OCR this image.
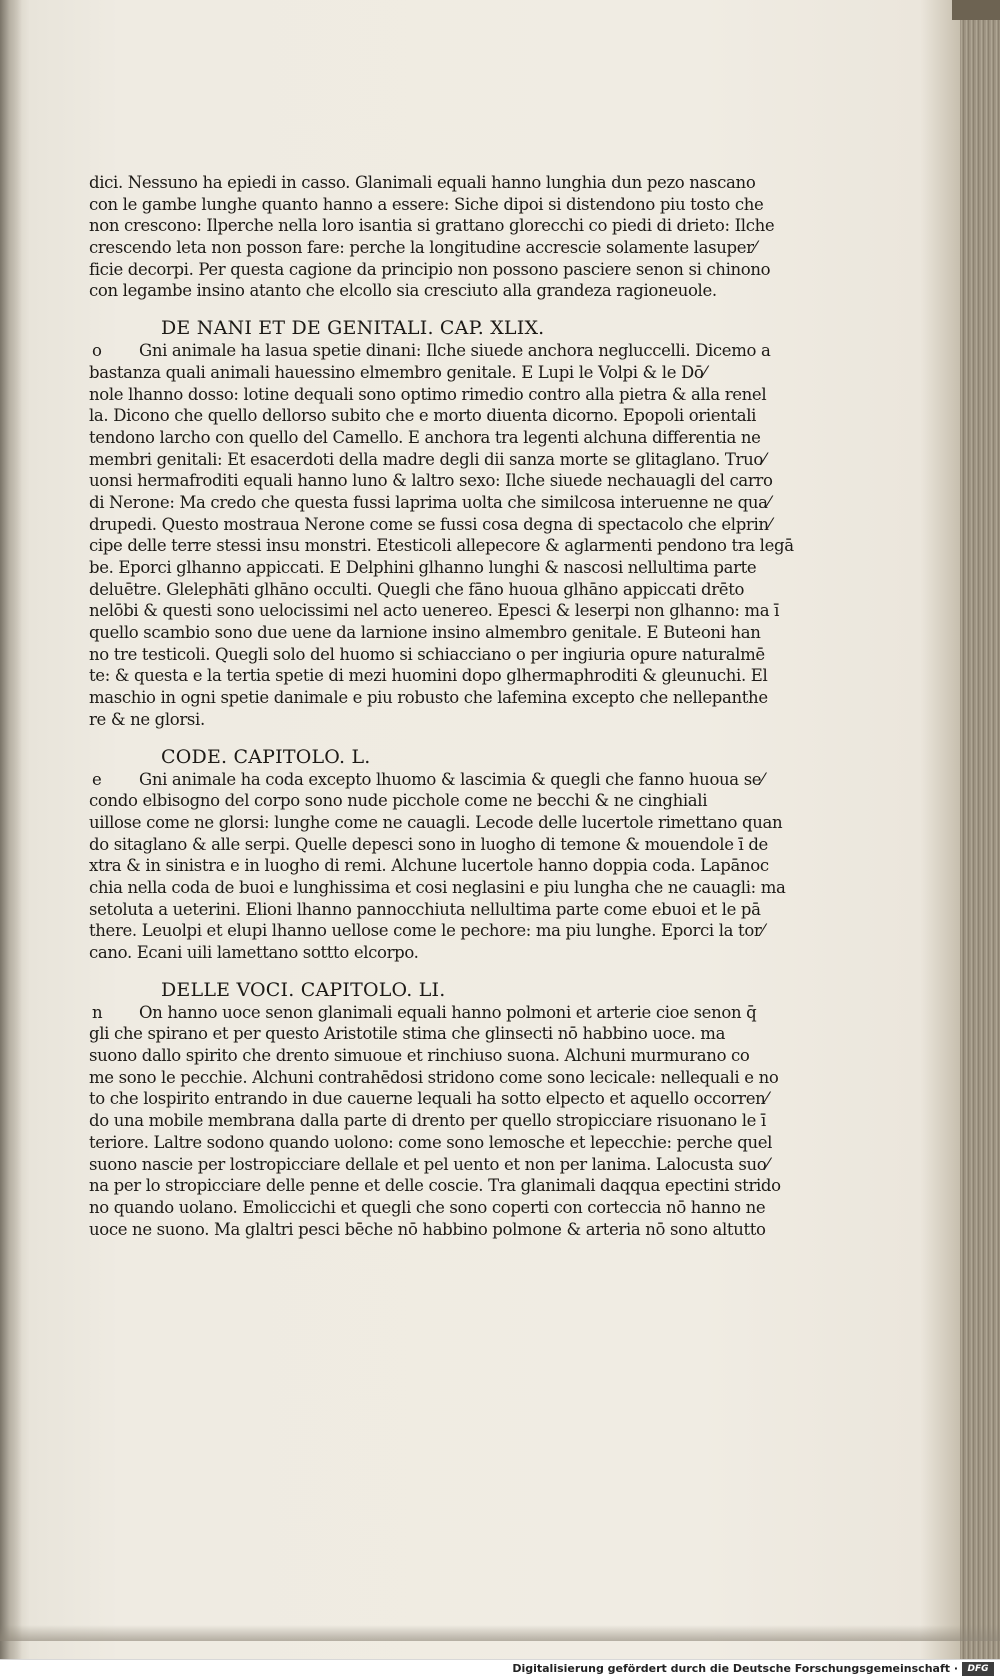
dici. Nessuno ha epiedi in casso. Glanimali equali hanno lunghia dun pezo nascano
con le gambe lunghe quanto hanno a essere: Siche dipoi si distendono piu tosto che
non crescono: Ilperche nella loro isantia si grattano glorecchi co piedi di drieto: Ilche
crescendo leta non posson fare: perche la longitudine accrescie solamente lasuper⁄
ficie decorpi. Per questa cagione da principio non possono pasciere senon si chinono
con legambe insino atanto che elcollo sia cresciuto alla grandeza ragioneuole.
DE NANI ET DE GENITALI. CAP. XLIX.
o	Gni animale ha lasua spetie dinani: Ilche siuede anchora negluccelli. Dicemo a
bastanza quali animali hauessino elmembro genitale. E Lupi le Volpi & le Dō⁄
nole lhanno dosso: lotine dequali sono optimo rimedio contro alla pietra & alla renel
la. Dicono che quello dellorso subito che e morto diuenta dicorno. Epopoli orientali
tendono larcho con quello del Camello. E anchora tra legenti alchuna differentia ne
membri genitali: Et esacerdoti della madre degli dii sanza morte se glitaglano. Truo⁄
uonsi hermafroditi equali hanno luno & laltro sexo: Ilche siuede nechauagli del carro
di Nerone: Ma credo che questa fussi laprima uolta che similcosa interuenne ne qua⁄
drupedi. Questo mostraua Nerone come se fussi cosa degna di spectacolo che elprin⁄
cipe delle terre stessi insu monstri. Etesticoli allepecore & aglarmenti pendono tra legā
be. Eporci glhanno appiccati. E Delphini glhanno lunghi & nascosi nellultima parte
deluētre. Glelephāti glhāno occulti. Quegli che fāno huoua glhāno appiccati drēto
nelōbi & questi sono uelocissimi nel acto uenereo. Epesci & leserpi non glhanno: ma ī
quello scambio sono due uene da larnione insino almembro genitale. E Buteoni han
no tre testicoli. Quegli solo del huomo si schiacciano o per ingiuria opure naturalmē
te: & questa e la tertia spetie di mezi huomini dopo glhermaphroditi & gleunuchi. El
maschio in ogni spetie danimale e piu robusto che lafemina excepto che nellepanthe
re & ne glorsi.
CODE. CAPITOLO. L.
e	Gni animale ha coda excepto lhuomo & lascimia & quegli che fanno huoua se⁄
condo elbisogno del corpo sono nude picchole come ne becchi & ne cinghiali
uillose come ne glorsi: lunghe come ne cauagli. Lecode delle lucertole rimettano quan
do sitaglano & alle serpi. Quelle depesci sono in luogho di temone & mouendole ī de
xtra & in sinistra e in luogho di remi. Alchune lucertole hanno doppia coda. Lapānoc
chia nella coda de buoi e lunghissima et cosi neglasini e piu lungha che ne cauagli: ma
setoluta a ueterini. Elioni lhanno pannocchiuta nellultima parte come ebuoi et le pā
there. Leuolpi et elupi lhanno uellose come le pechore: ma piu lunghe. Eporci la tor⁄
cano. Ecani uili lamettano sottto elcorpo.
DELLE VOCI. CAPITOLO. LI.
n	On hanno uoce senon glanimali equali hanno polmoni et arterie cioe senon q̄
gli che spirano et per questo Aristotile stima che glinsecti nō habbino uoce. ma
suono dallo spirito che drento simuoue et rinchiuso suona. Alchuni murmurano co
me sono le pecchie. Alchuni contrahēdosi stridono come sono lecicale: nellequali e no
to che lospirito entrando in due cauerne lequali ha sotto elpecto et aquello occorren⁄
do una mobile membrana dalla parte di drento per quello stropicciare risuonano le ī
teriore. Laltre sodono quando uolono: come sono lemosche et lepecchie: perche quel
suono nascie per lostropicciare dellale et pel uento et non per lanima. Lalocusta suo⁄
na per lo stropicciare delle penne et delle coscie. Tra glanimali daqqua epectini strido
no quando uolano. Emoliccichi et quegli che sono coperti con corteccia nō hanno ne
uoce ne suono. Ma glaltri pesci bēche nō habbino polmone & arteria nō sono altutto
Digitalisierung gefördert durch die Deutsche Forschungsgemeinschaft ·	DFG
